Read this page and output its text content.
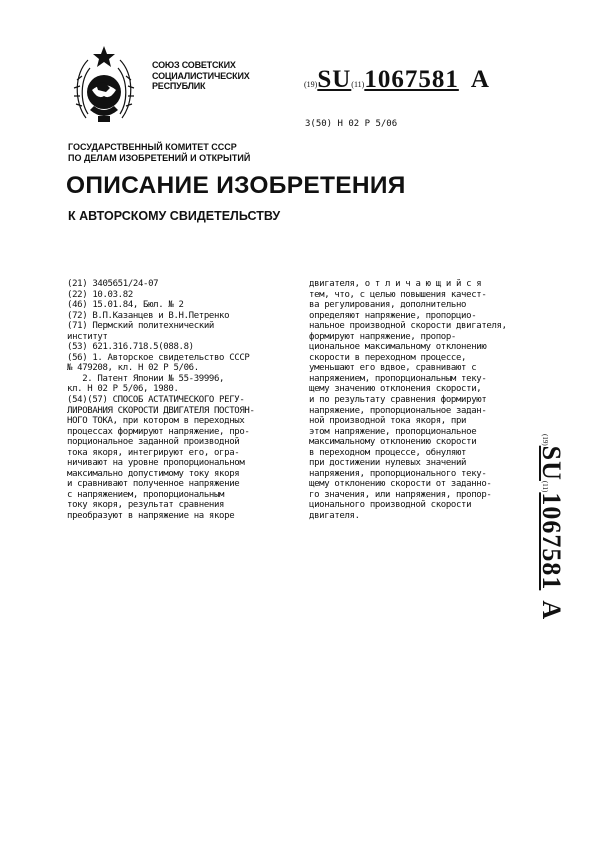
СОЮЗ СОВЕТСКИХ
СОЦИАЛИСТИЧЕСКИХ
РЕСПУБЛИК	(19)SU(11)1067581 A
3(50) Н 02 Р 5/06
ГОСУДАРСТВЕННЫЙ КОМИТЕТ СССР
ПО ДЕЛАМ ИЗОБРЕТЕНИЙ И ОТКРЫТИЙ
ОПИСАНИЕ ИЗОБРЕТЕНИЯ
К АВТОРСКОМУ СВИДЕТЕЛЬСТВУ
(21) 3405651/24-07
(22) 10.03.82
(46) 15.01.84, Бюл. № 2
(72) В.П.Казанцев и В.Н.Петренко
(71) Пермский политехнический
институт
(53) 621.316.718.5(088.8)
(56) 1. Авторское свидетельство СССР
№ 479208, кл. Н 02 Р 5/06.
2. Патент Японии № 55-39996,
кл. Н 02 Р 5/06, 1980.
(54)(57) СПОСОБ АСТАТИЧЕСКОГО РЕГУ-
ЛИРОВАНИЯ СКОРОСТИ ДВИГАТЕЛЯ ПОСТОЯН-
НОГО ТОКА, при котором в переходных
процессах формируют напряжение, про-
порциональное заданной производной
тока якоря, интегрируют его, огра-
ничивают на уровне пропорциональном
максимально допустимому току якоря
и сравнивают полученное напряжение
с напряжением, пропорциональным
току якоря, результат сравнения
преобразуют в напряжение на якоре
двигателя, о т л и ч а ю щ и й с я
тем, что, с целью повышения качест-
ва регулирования, дополнительно
определяют напряжение, пропорцио-
нальное производной скорости двигателя,
формируют напряжение, пропор-
циональное максимальному отклонению
скорости в переходном процессе,
уменьшают его вдвое, сравнивают с
напряжением, пропорциональным теку-
щему значению отклонения скорости,
и по результату сравнения формируют
напряжение, пропорциональное задан-
ной производной тока якоря, при
этом напряжение, пропорциональное
максимальному отклонению скорости
в переходном процессе, обнуляют
при достижении нулевых значений
напряжения, пропорционального теку-
щему отклонению скорости от заданно-
го значения, или напряжения, пропор-
ционального производной скорости
двигателя.
(19)SU(11)1067581A
